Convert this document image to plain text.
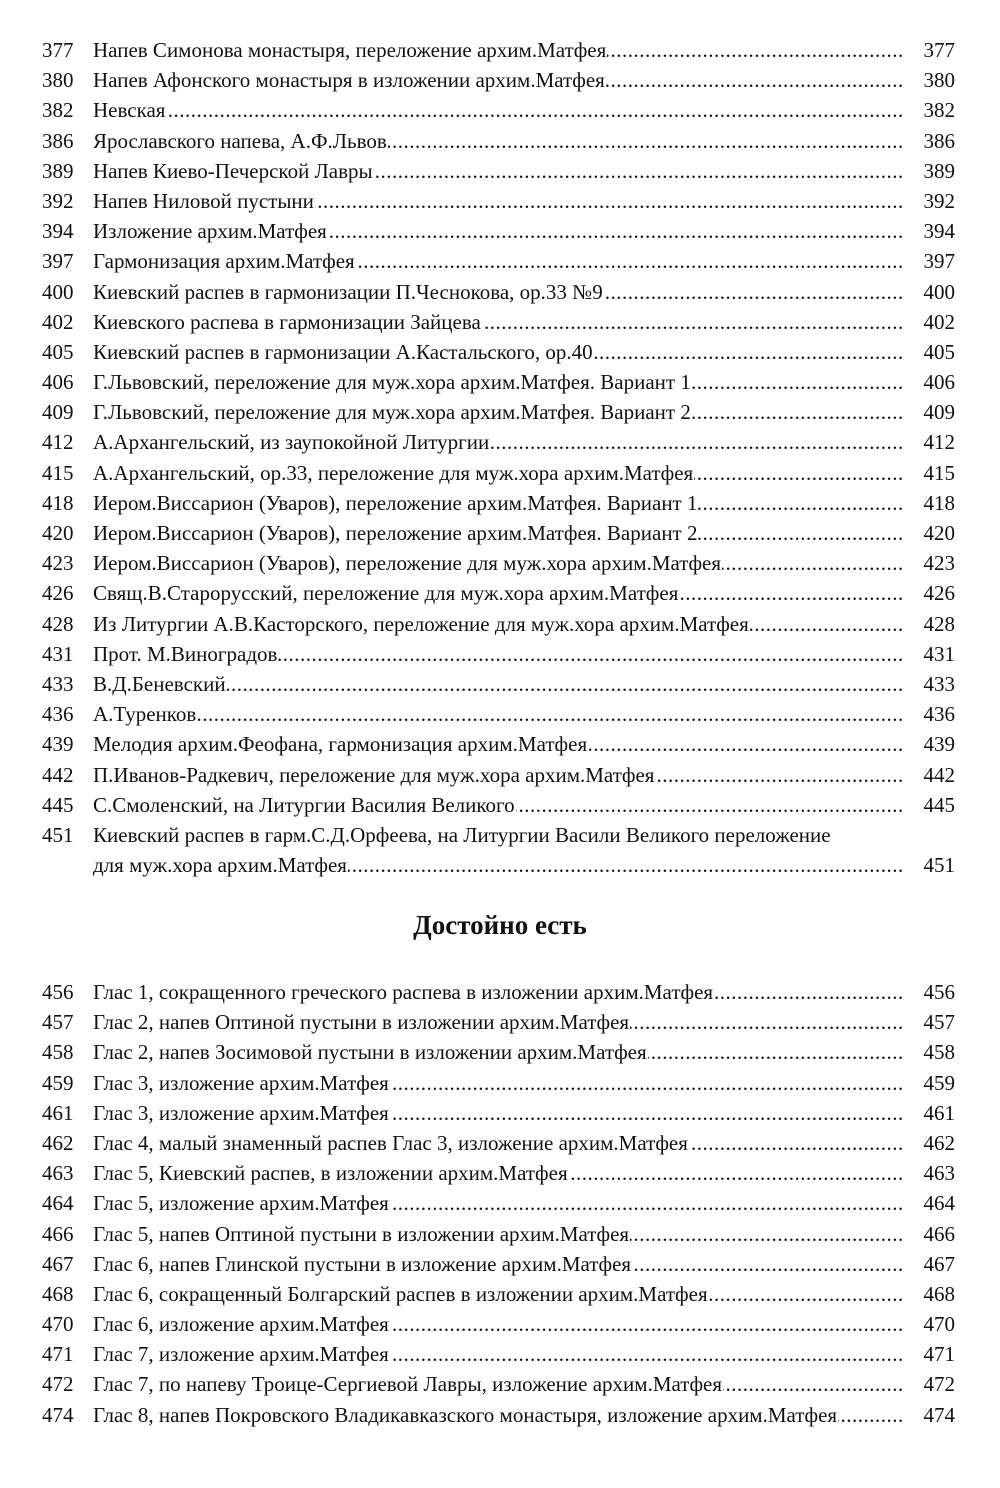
377 Напев Симонова монастыря, переложение архим.Матфея .....	377
380 Напев Афонского монастыря в изложении архим.Матфея .....	380
382 Невская .....	382
386 Ярославского напева, А.Ф.Львов .....	386
389 Напев Киево-Печерской Лавры .....	389
392 Напев Ниловой пустыни .....	392
394 Изложение архим.Матфея .....	394
397 Гармонизация архим.Матфея .....	397
400 Киевский распев в гармонизации П.Чеснокова, ор.33 №9 .....	400
402 Киевского распева в гармонизации Зайцева .....	402
405 Киевский распев в гармонизации А.Кастальского, ор.40 .....	405
406 Г.Львовский, переложение для муж.хора архим.Матфея. Вариант 1 .....	406
409 Г.Львовский, переложение для муж.хора архим.Матфея. Вариант 2 .....	409
412 А.Архангельский, из заупокойной Литургии .....	412
415 А.Архангельский, ор.33, переложение для муж.хора архим.Матфея .....	415
418 Иером.Виссарион (Уваров), переложение архим.Матфея. Вариант 1 .....	418
420 Иером.Виссарион (Уваров), переложение архим.Матфея. Вариант 2 .....	420
423 Иером.Виссарион (Уваров), переложение для муж.хора архим.Матфея .....	423
426 Свящ.В.Старорусский, переложение для муж.хора архим.Матфея .....	426
428 Из Литургии А.В.Касторского, переложение для муж.хора архим.Матфея .....	428
431 Прот. М.Виноградов .....	431
433 В.Д.Беневский .....	433
436 А.Туренков .....	436
439 Мелодия архим.Феофана, гармонизация архим.Матфея .....	439
442 П.Иванов-Радкевич, переложение для муж.хора архим.Матфея .....	442
445 С.Смоленский, на Литургии Василия Великого .....	445
451 Киевский распев в гарм.С.Д.Орфеева, на Литургии Васили Великого переложение
для муж.хора архим.Матфея .....	451
Достойно есть
456 Глас 1, сокращенного греческого распева в изложении архим.Матфея .....	456
457 Глас 2, напев Оптиной пустыни в изложении архим.Матфея .....	457
458 Глас 2, напев Зосимовой пустыни в изложении архим.Матфея .....	458
459 Глас 3, изложение архим.Матфея .....	459
461 Глас 3, изложение архим.Матфея .....	461
462 Глас 4, малый знаменный распев Глас 3, изложение архим.Матфея .....	462
463 Глас 5, Киевский распев, в изложении архим.Матфея .....	463
464 Глас 5, изложение архим.Матфея .....	464
466 Глас 5, напев Оптиной пустыни в изложении архим.Матфея .....	466
467 Глас 6, напев Глинской пустыни в изложение архим.Матфея .....	467
468 Глас 6, сокращенный Болгарский распев в изложении архим.Матфея .....	468
470 Глас 6, изложение архим.Матфея .....	470
471 Глас 7, изложение архим.Матфея .....	471
472 Глас 7, по напеву Троице-Сергиевой Лавры, изложение архим.Матфея .....	472
474 Глас 8, напев Покровского Владикавказского монастыря, изложение архим.Матфея .....	474
